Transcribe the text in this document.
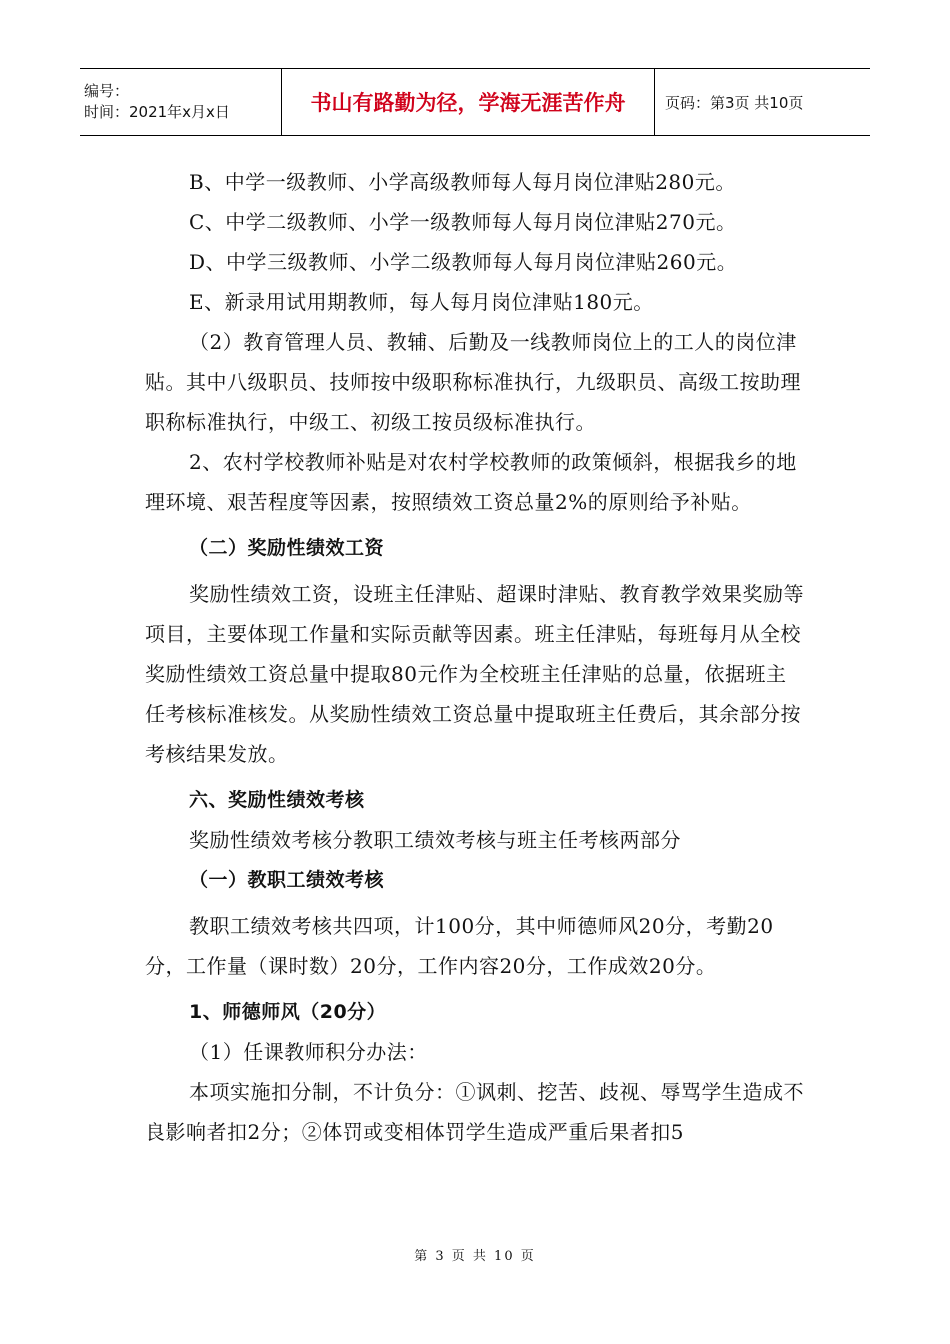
编号：
时间：2021年x月x日	书山有路勤为径，学海无涯苦作舟	页码：第3页 共10页

B、中学一级教师、小学高级教师每人每月岗位津贴280元。

C、中学二级教师、小学一级教师每人每月岗位津贴270元。

D、中学三级教师、小学二级教师每人每月岗位津贴260元。

E、新录用试用期教师，每人每月岗位津贴180元。

（2）教育管理人员、教辅、后勤及一线教师岗位上的工人的岗位津贴。其中八级职员、技师按中级职称标准执行，九级职员、高级工按助理职称标准执行，中级工、初级工按员级标准执行。

2、农村学校教师补贴是对农村学校教师的政策倾斜，根据我乡的地理环境、艰苦程度等因素，按照绩效工资总量2%的原则给予补贴。

（二）奖励性绩效工资

奖励性绩效工资，设班主任津贴、超课时津贴、教育教学效果奖励等项目，主要体现工作量和实际贡献等因素。班主任津贴，每班每月从全校奖励性绩效工资总量中提取80元作为全校班主任津贴的总量，依据班主任考核标准核发。从奖励性绩效工资总量中提取班主任费后，其余部分按考核结果发放。

六、奖励性绩效考核

奖励性绩效考核分教职工绩效考核与班主任考核两部分

（一）教职工绩效考核

教职工绩效考核共四项，计100分，其中师德师风20分，考勤20分，工作量（课时数）20分，工作内容20分，工作成效20分。

1、师德师风（20分）

（1）任课教师积分办法：

本项实施扣分制，不计负分：①讽刺、挖苦、歧视、辱骂学生造成不良影响者扣2分；②体罚或变相体罚学生造成严重后果者扣5

第 3 页 共 10 页
